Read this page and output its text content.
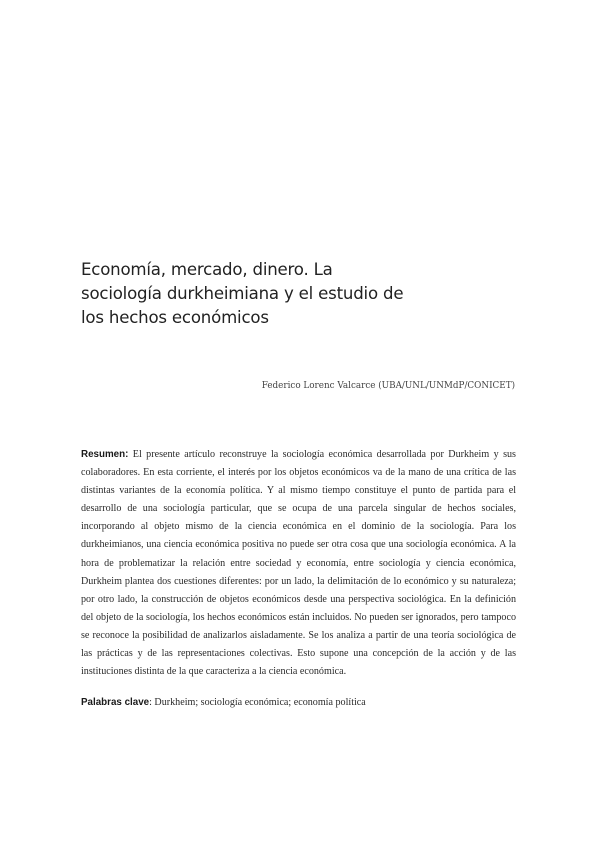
Economía, mercado, dinero. La
sociología durkheimiana y el estudio de
los hechos económicos
Federico Lorenc Valcarce (UBA/UNL/UNMdP/CONICET)

Resumen: El presente artículo reconstruye la sociología económica desarrollada por Durkheim y sus colaboradores. En esta corriente, el interés por los objetos económicos va de la mano de una crítica de las distintas variantes de la economía política. Y al mismo tiempo constituye el punto de partida para el desarrollo de una sociología particular, que se ocupa de una parcela singular de hechos sociales, incorporando al objeto mismo de la ciencia económica en el dominio de la sociología. Para los durkheimianos, una ciencia económica positiva no puede ser otra cosa que una sociología económica. A la hora de problematizar la relación entre sociedad y economía, entre sociología y ciencia económica, Durkheim plantea dos cuestiones diferentes: por un lado, la delimitación de lo económico y su naturaleza; por otro lado, la construcción de objetos económicos desde una perspectiva sociológica. En la definición del objeto de la sociología, los hechos económicos están incluidos. No pueden ser ignorados, pero tampoco se reconoce la posibilidad de analizarlos aisladamente. Se los analiza a partir de una teoría sociológica de las prácticas y de las representaciones colectivas. Esto supone una concepción de la acción y de las instituciones distinta de la que caracteriza a la ciencia económica.

Palabras clave: Durkheim; sociología económica; economía política
